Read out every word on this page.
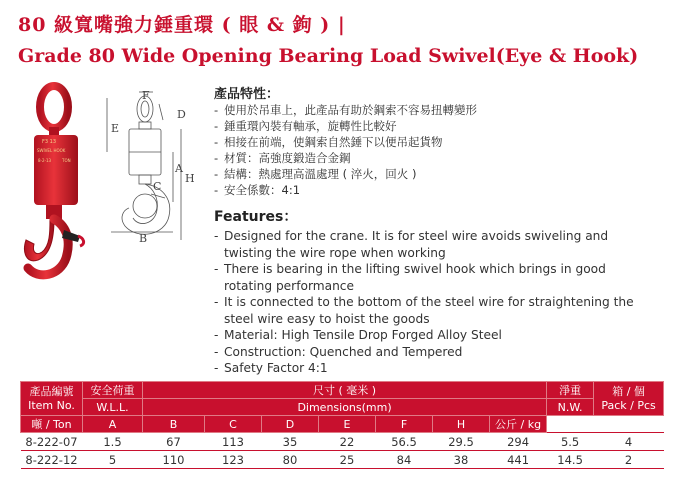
80 級寬嘴強力錘重環 ( 眼 & 鉤 ) |
Grade 80 Wide Opening Bearing Load Swivel(Eye & Hook)
F3 13
SWIVEL HOOK
8-2-13	TON
F
D
E
A
H
C
B
產品特性：
- 使用於吊車上，此產品有助於鋼索不容易扭轉變形
- 錘重環內裝有軸承，旋轉性比較好
- 相接在前端，使鋼索自然錘下以便吊起貨物
- 材質：高強度鍛造合金鋼
- 結構：熱處理高溫處理 ( 淬火，回火 )
- 安全係數：4:1
Features：
- Designed for the crane. It is for steel wire avoids swiveling and
twisting the wire rope when working
- There is bearing in the lifting swivel hook which brings in good
rotating performance
- It is connected to the bottom of the steel wire for straightening the
steel wire easy to hoist the goods
- Material: High Tensile Drop Forged Alloy Steel
- Construction: Quenched and Tempered
- Safety Factor 4:1
產品編號
Item No.	安全荷重	尺寸 ( 毫米 )							淨重	箱 / 個
Pack / Pcs

	W.L.L.	Dimensions(mm)							N.W.	
噸 / Ton	A	B	C	D	E	F	H	公斤 / kg		
8-222-07	1.5	67	113	35	22	56.5	29.5	294	5.5	4
8-222-12	5	110	123	80	25	84	38	441	14.5	2
